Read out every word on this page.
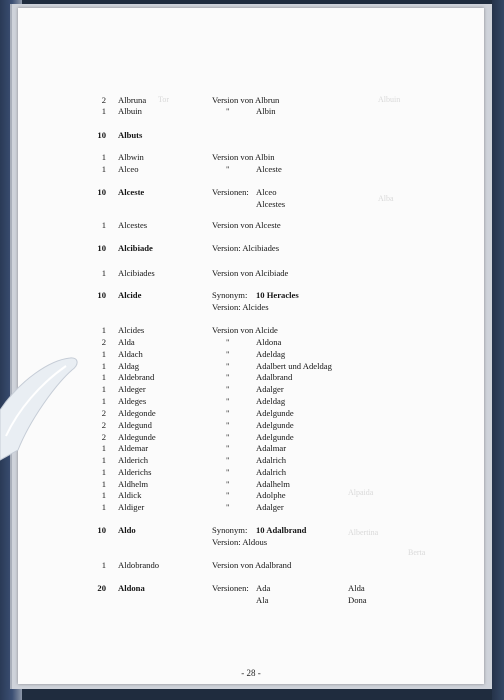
Tor	Albuin
Alba
Alpaida
Albertina
Berta
- 28 -
2 Albruna	Version von Albrun
1 Albuin	"	Albin
10 Albuts
1 Albwin	Version von Albin
1 Alceo	"	Alceste
10 Alceste	Versionen: Alceo
Alcestes
1 Alcestes	Version von Alceste
10 Alcibiade	Version: Alcibiades
1 Alcibiades	Version von Alcibiade
10 Alcide	Synonym: 10 Heracles
Version: Alcides
1 Alcides	Version von Alcide
2 Alda	"	Aldona
1 Aldach	"	Adeldag
1 Aldag	"	Adalbert und Adeldag
1 Aldebrand	"	Adalbrand
1 Aldeger	"	Adalger
1 Aldeges	"	Adeldag
2 Aldegonde	"	Adelgunde
2 Aldegund	"	Adelgunde
2 Aldegunde	"	Adelgunde
1 Aldemar	"	Adalmar
1 Alderich	"	Adalrich
1 Alderichs	"	Adalrich
1 Aldhelm	"	Adalhelm
1 Aldick	"	Adolphe
1 Aldiger	"	Adalger
10 Aldo	Synonym: 10 Adalbrand
Version: Aldous
1 Aldobrando	Version von Adalbrand
20 Aldona	Versionen: Ada	Alda
Ala	Dona
